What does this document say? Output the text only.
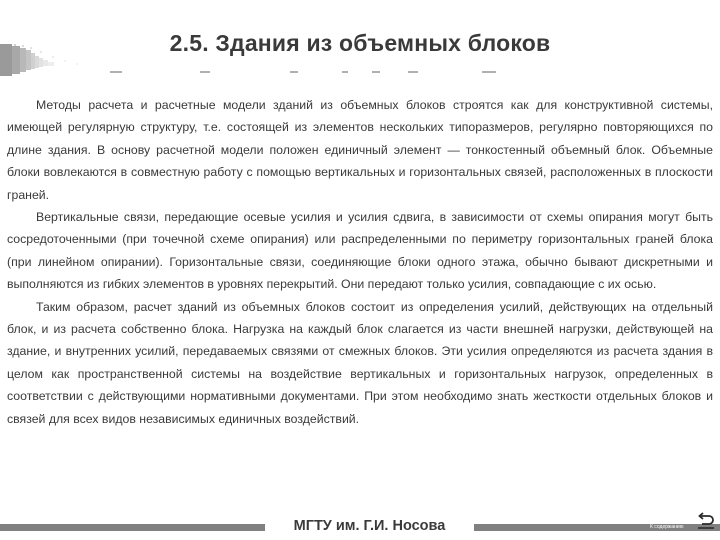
2.5. Здания из объемных блоков

Методы расчета и расчетные модели зданий из объемных блоков строятся как для конструктивной системы, имеющей регулярную структуру, т.е. состоящей из элементов нескольких типоразмеров, регулярно повторяющихся по длине здания. В основу расчетной модели положен единичный элемент — тонкостенный объемный блок. Объемные блоки вовлекаются в совместную работу с помощью вертикальных и горизонтальных связей, расположенных в плоскости граней.

Вертикальные связи, передающие осевые усилия и усилия сдвига, в зависимости от схемы опирания могут быть сосредоточенными (при точечной схеме опирания) или распределенными по периметру горизонтальных граней блока (при линейном опирании). Горизонтальные связи, соединяющие блоки одного этажа, обычно бывают дискретными и выполняются из гибких элементов в уровнях перекрытий. Они передают только усилия, совпадающие с их осью.

Таким образом, расчет зданий из объемных блоков состоит из определения усилий, действующих на отдельный блок, и из расчета собственно блока. Нагрузка на каждый блок слагается из части внешней нагрузки, действующей на здание, и внутренних усилий, передаваемых связями от смежных блоков. Эти усилия определяются из расчета здания в целом как пространственной системы на воздействие вертикальных и горизонтальных нагрузок, определенных в соответствии с действующими нормативными документами. При этом необходимо знать жесткости отдельных блоков и связей для всех видов независимых единичных воздействий.

МГТУ им. Г.И. Носова	К содержанию
